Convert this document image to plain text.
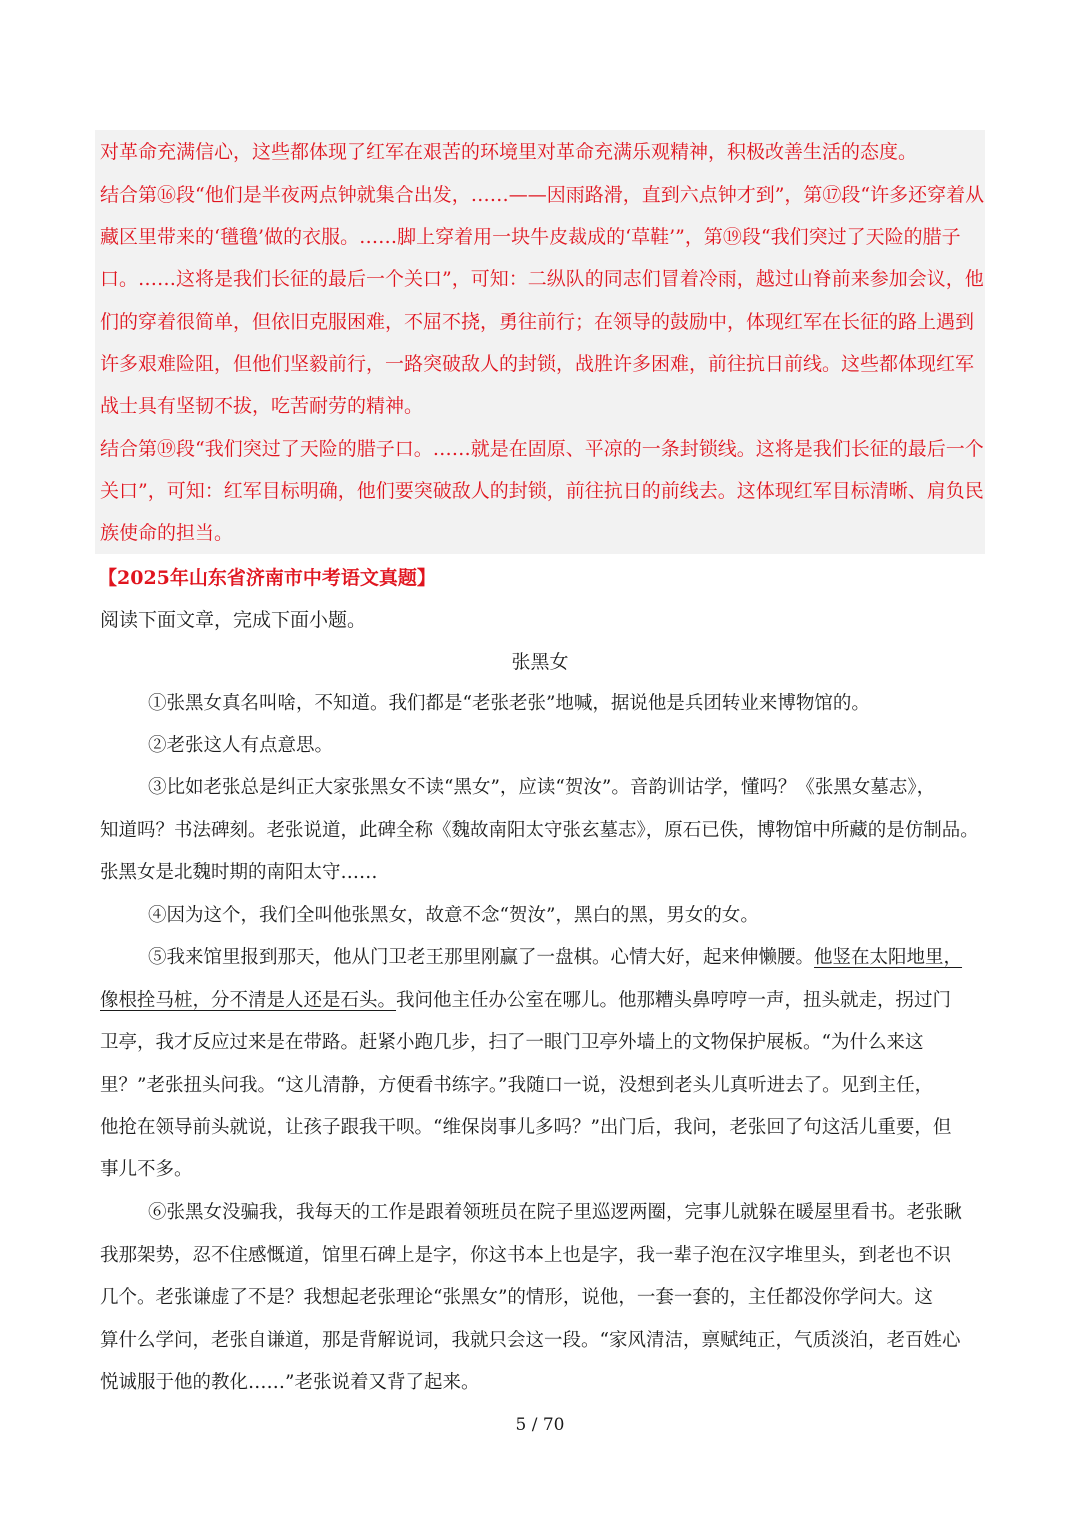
对革命充满信心，这些都体现了红军在艰苦的环境里对革命充满乐观精神，积极改善生活的态度。
结合第⑯段“他们是半夜两点钟就集合出发，……——因雨路滑，直到六点钟才到”，第⑰段“许多还穿着从
藏区里带来的‘氆氇’做的衣服。……脚上穿着用一块牛皮裁成的‘草鞋’”，第⑲段“我们突过了天险的腊子
口。……这将是我们长征的最后一个关口”，可知：二纵队的同志们冒着冷雨，越过山脊前来参加会议，他
们的穿着很简单，但依旧克服困难，不屈不挠，勇往前行；在领导的鼓励中，体现红军在长征的路上遇到
许多艰难险阻，但他们坚毅前行，一路突破敌人的封锁，战胜许多困难，前往抗日前线。这些都体现红军
战士具有坚韧不拔，吃苦耐劳的精神。
结合第⑲段“我们突过了天险的腊子口。……就是在固原、平凉的一条封锁线。这将是我们长征的最后一个
关口”，可知：红军目标明确，他们要突破敌人的封锁，前往抗日的前线去。这体现红军目标清晰、肩负民
族使命的担当。
【2025年山东省济南市中考语文真题】
阅读下面文章，完成下面小题。
张黑女
①张黑女真名叫啥，不知道。我们都是“老张老张”地喊，据说他是兵团转业来博物馆的。
②老张这人有点意思。
③比如老张总是纠正大家张黑女不读“黑女”，应读“贺汝”。音韵训诂学，懂吗？《张黑女墓志》，
知道吗？书法碑刻。老张说道，此碑全称《魏故南阳太守张玄墓志》，原石已佚，博物馆中所藏的是仿制品。
张黑女是北魏时期的南阳太守……
④因为这个，我们全叫他张黑女，故意不念“贺汝”，黑白的黑，男女的女。
⑤我来馆里报到那天，他从门卫老王那里刚赢了一盘棋。心情大好，起来伸懒腰。他竖在太阳地里，
像根拴马桩，分不清是人还是石头。我问他主任办公室在哪儿。他那糟头鼻哼哼一声，扭头就走，拐过门
卫亭，我才反应过来是在带路。赶紧小跑几步，扫了一眼门卫亭外墙上的文物保护展板。“为什么来这
里？”老张扭头问我。“这儿清静，方便看书练字。”我随口一说，没想到老头儿真听进去了。见到主任，
他抢在领导前头就说，让孩子跟我干呗。“维保岗事儿多吗？”出门后，我问，老张回了句这活儿重要，但
事儿不多。
⑥张黑女没骗我，我每天的工作是跟着领班员在院子里巡逻两圈，完事儿就躲在暖屋里看书。老张瞅
我那架势，忍不住感慨道，馆里石碑上是字，你这书本上也是字，我一辈子泡在汉字堆里头，到老也不识
几个。老张谦虚了不是？我想起老张理论“张黑女”的情形，说他，一套一套的，主任都没你学问大。这
算什么学问，老张自谦道，那是背解说词，我就只会这一段。“家风清洁，禀赋纯正，气质淡泊，老百姓心
悦诚服于他的教化……”老张说着又背了起来。
5 / 70
